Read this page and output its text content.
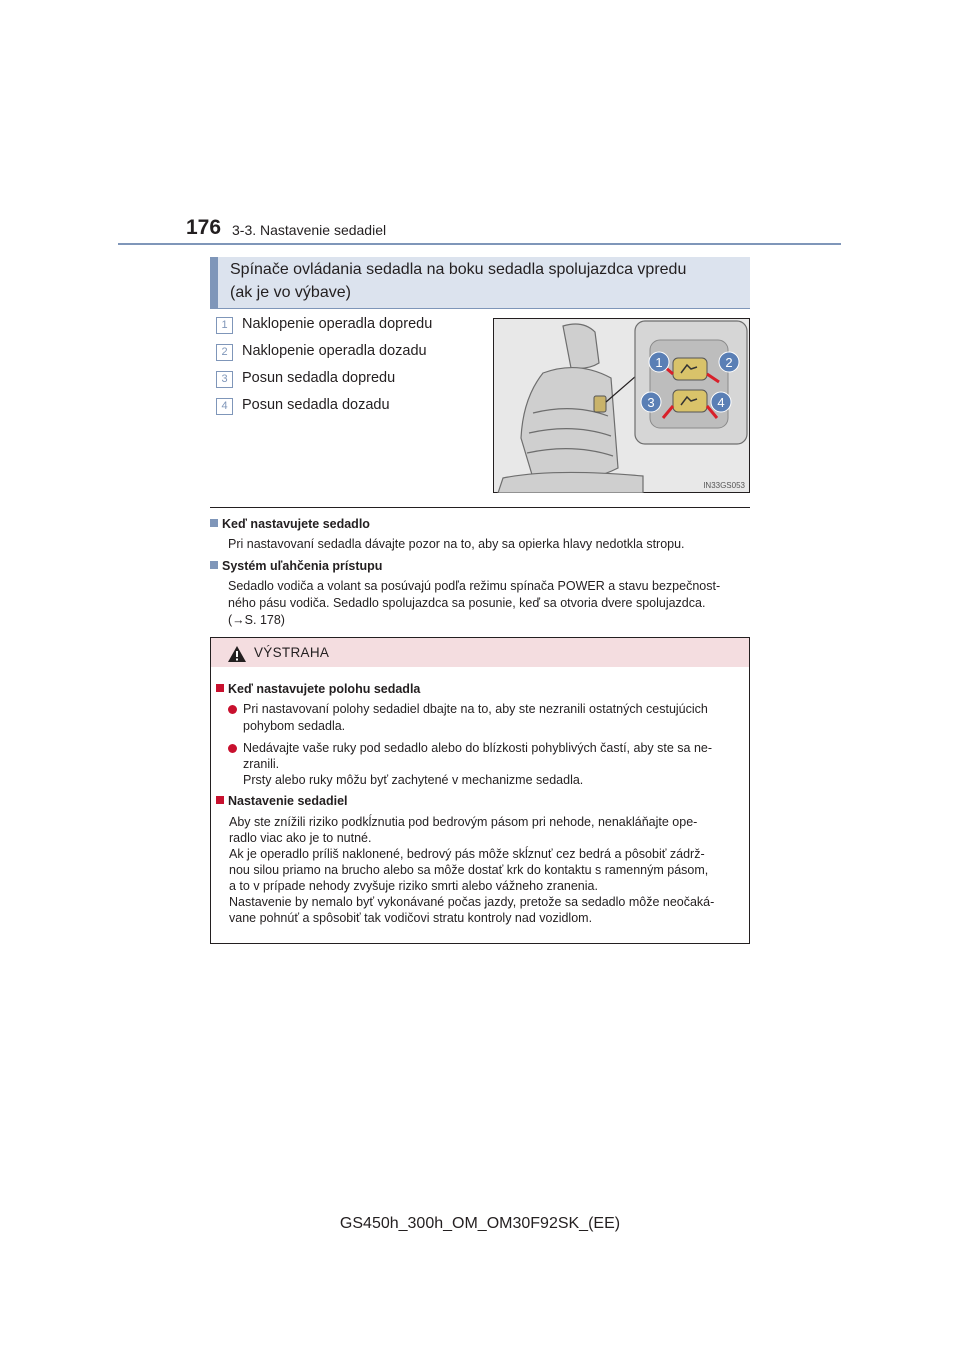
176 3-3. Nastavenie sedadiel
Spínače ovládania sedadla na boku sedadla spolujazdca vpredu
(ak je vo výbave)
1 Naklopenie operadla dopredu
2 Naklopenie operadla dozadu
3 Posun sedadla dopredu
4 Posun sedadla dozadu
1	2
3	4
IN33GS053
Keď nastavujete sedadlo
Pri nastavovaní sedadla dávajte pozor na to, aby sa opierka hlavy nedotkla stropu.
Systém uľahčenia prístupu
Sedadlo vodiča a volant sa posúvajú podľa režimu spínača POWER a stavu bezpečnost-
ného pásu vodiča. Sedadlo spolujazdca sa posunie, keď sa otvoria dvere spolujazdca.
(→S. 178)
VÝSTRAHA
Keď nastavujete polohu sedadla
Pri nastavovaní polohy sedadiel dbajte na to, aby ste nezranili ostatných cestujúcich
pohybom sedadla.
Nedávajte vaše ruky pod sedadlo alebo do blízkosti pohyblivých častí, aby ste sa ne-
zranili.
Prsty alebo ruky môžu byť zachytené v mechanizme sedadla.
Nastavenie sedadiel
Aby ste znížili riziko podkĺznutia pod bedrovým pásom pri nehode, nenakláňajte ope-
radlo viac ako je to nutné.
Ak je operadlo príliš naklonené, bedrový pás môže skĺznuť cez bedrá a pôsobiť zádrž-
nou silou priamo na brucho alebo sa môže dostať krk do kontaktu s ramenným pásom,
a to v prípade nehody zvyšuje riziko smrti alebo vážneho zranenia.
Nastavenie by nemalo byť vykonávané počas jazdy, pretože sa sedadlo môže neočaká-
vane pohnúť a spôsobiť tak vodičovi stratu kontroly nad vozidlom.
GS450h_300h_OM_OM30F92SK_(EE)
